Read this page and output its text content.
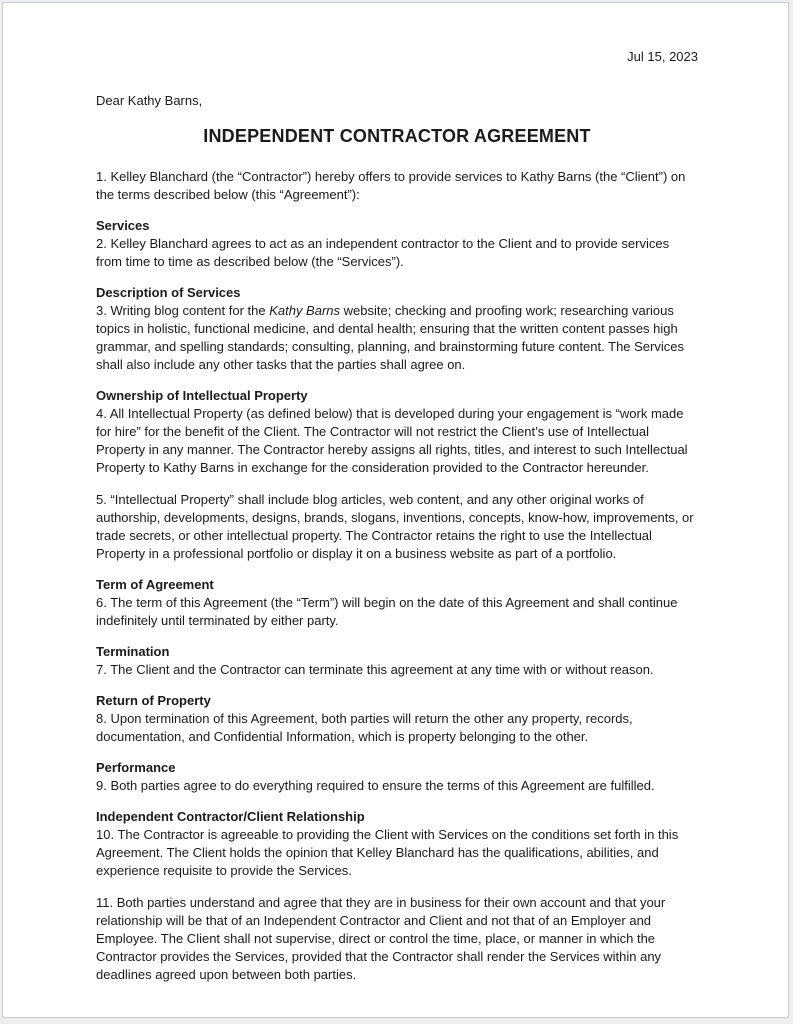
Jul 15, 2023
Dear Kathy Barns,
INDEPENDENT CONTRACTOR AGREEMENT

1. Kelley Blanchard (the “Contractor”) hereby offers to provide services to Kathy Barns (the “Client”) on the terms described below (this “Agreement”):

Services

2. Kelley Blanchard agrees to act as an independent contractor to the Client and to provide services from time to time as described below (the “Services”).

Description of Services

3. Writing blog content for the Kathy Barns website; checking and proofing work; researching various topics in holistic, functional medicine, and dental health; ensuring that the written content passes high grammar, and spelling standards; consulting, planning, and brainstorming future content. The Services shall also include any other tasks that the parties shall agree on.

Ownership of Intellectual Property

4. All Intellectual Property (as defined below) that is developed during your engagement is “work made for hire” for the benefit of the Client. The Contractor will not restrict the Client’s use of Intellectual Property in any manner. The Contractor hereby assigns all rights, titles, and interest to such Intellectual Property to Kathy Barns in exchange for the consideration provided to the Contractor hereunder.

5. “Intellectual Property” shall include blog articles, web content, and any other original works of authorship, developments, designs, brands, slogans, inventions, concepts, know-how, improvements, or trade secrets, or other intellectual property. The Contractor retains the right to use the Intellectual Property in a professional portfolio or display it on a business website as part of a portfolio.

Term of Agreement

6. The term of this Agreement (the “Term”) will begin on the date of this Agreement and shall continue indefinitely until terminated by either party.

Termination

7. The Client and the Contractor can terminate this agreement at any time with or without reason.

Return of Property

8. Upon termination of this Agreement, both parties will return the other any property, records, documentation, and Confidential Information, which is property belonging to the other.

Performance

9. Both parties agree to do everything required to ensure the terms of this Agreement are fulfilled.

Independent Contractor/Client Relationship

10. The Contractor is agreeable to providing the Client with Services on the conditions set forth in this Agreement. The Client holds the opinion that Kelley Blanchard has the qualifications, abilities, and experience requisite to provide the Services.

11. Both parties understand and agree that they are in business for their own account and that your relationship will be that of an Independent Contractor and Client and not that of an Employer and Employee. The Client shall not supervise, direct or control the time, place, or manner in which the Contractor provides the Services, provided that the Contractor shall render the Services within any deadlines agreed upon between both parties.
